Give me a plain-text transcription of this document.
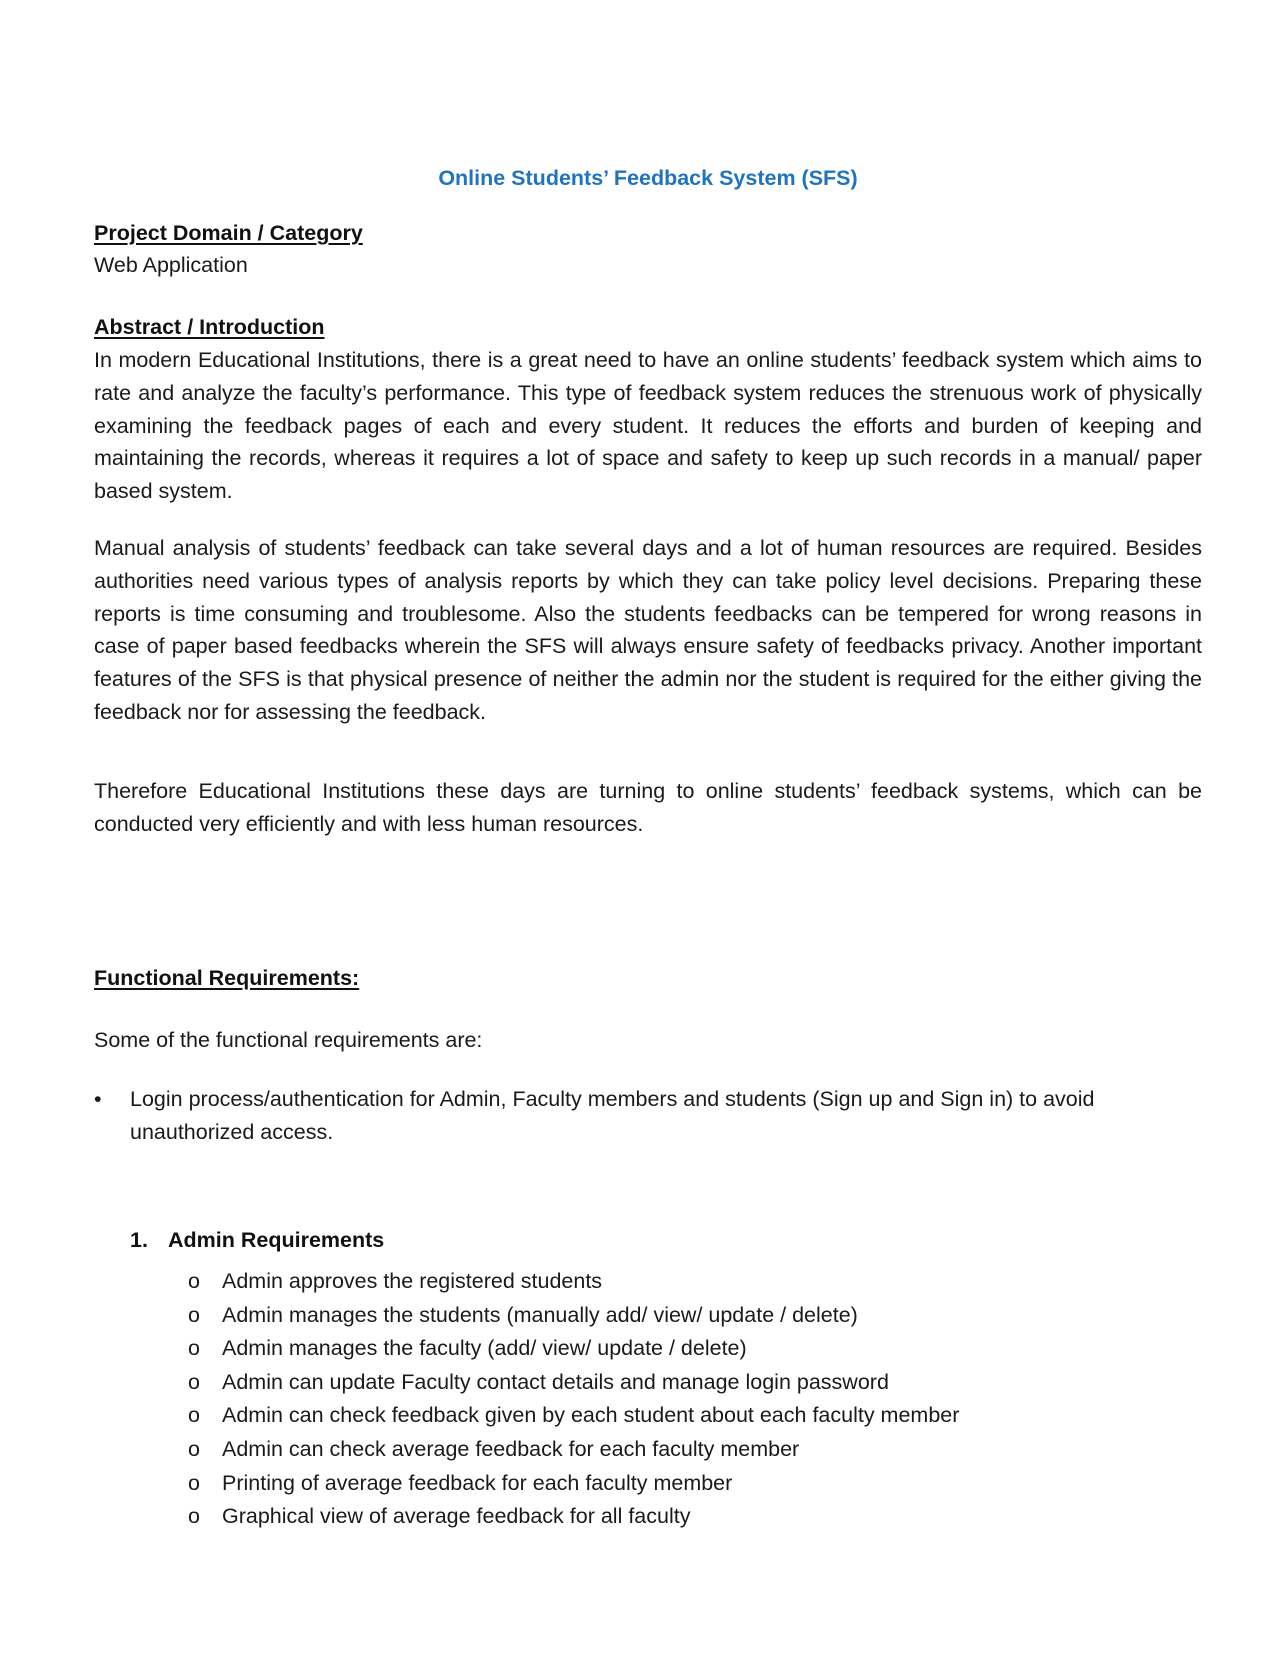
Online Students’ Feedback System (SFS)
Project Domain / Category
Web Application
Abstract / Introduction

In modern Educational Institutions, there is a great need to have an online students’ feedback system which aims to rate and analyze the faculty’s performance. This type of feedback system reduces the strenuous work of physically examining the feedback pages of each and every student. It reduces the efforts and burden of keeping and maintaining the records, whereas it requires a lot of space and safety to keep up such records in a manual/ paper based system.

Manual analysis of students’ feedback can take several days and a lot of human resources are required. Besides authorities need various types of analysis reports by which they can take policy level decisions. Preparing these reports is time consuming and troublesome. Also the students feedbacks can be tempered for wrong reasons in case of paper based feedbacks wherein the SFS will always ensure safety of feedbacks privacy. Another important features of the SFS is that physical presence of neither the admin nor the student is required for the either giving the feedback nor for assessing the feedback.

Therefore Educational Institutions these days are turning to online students’ feedback systems, which can be conducted very efficiently and with less human resources.

Functional Requirements:
Some of the functional requirements are:
• Login process/authentication for Admin, Faculty members and students (Sign up and Sign in) to avoid unauthorized access.

1. Admin Requirements
o	Admin approves the registered students
o	Admin manages the students (manually add/ view/ update / delete)
o	Admin manages the faculty (add/ view/ update / delete)
o	Admin can update Faculty contact details and manage login password
o	Admin can check feedback given by each student about each faculty member
o	Admin can check average feedback for each faculty member
o	Printing of average feedback for each faculty member
o	Graphical view of average feedback for all faculty
